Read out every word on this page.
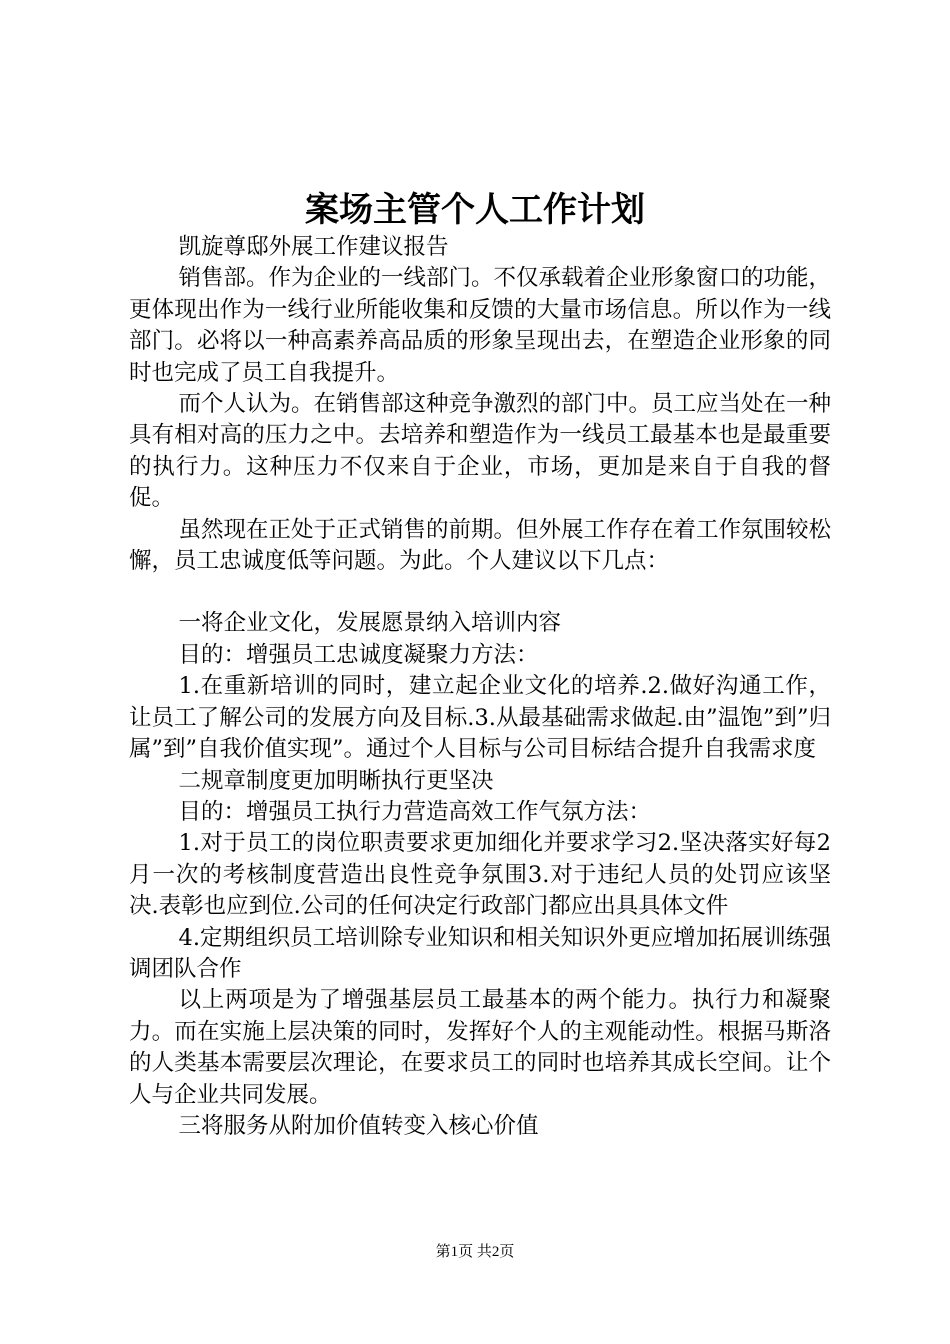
案场主管个人工作计划

凯旋尊邸外展工作建议报告

销售部。作为企业的一线部门。不仅承载着企业形象窗口的功能，更体现出作为一线行业所能收集和反馈的大量市场信息。所以作为一线部门。必将以一种高素养高品质的形象呈现出去，在塑造企业形象的同时也完成了员工自我提升。

而个人认为。在销售部这种竞争激烈的部门中。员工应当处在一种具有相对高的压力之中。去培养和塑造作为一线员工最基本也是最重要的执行力。这种压力不仅来自于企业，市场，更加是来自于自我的督促。

虽然现在正处于正式销售的前期。但外展工作存在着工作氛围较松懈，员工忠诚度低等问题。为此。个人建议以下几点：

一将企业文化，发展愿景纳入培训内容

目的：增强员工忠诚度凝聚力方法：

1.在重新培训的同时，建立起企业文化的培养.2.做好沟通工作，让员工了解公司的发展方向及目标.3.从最基础需求做起.由”温饱”到”归属”到”自我价值实现”。通过个人目标与公司目标结合提升自我需求度

二规章制度更加明晰执行更坚决

目的：增强员工执行力营造高效工作气氛方法：

1.对于员工的岗位职责要求更加细化并要求学习2.坚决落实好每2月一次的考核制度营造出良性竞争氛围3.对于违纪人员的处罚应该坚决.表彰也应到位.公司的任何决定行政部门都应出具具体文件

4.定期组织员工培训除专业知识和相关知识外更应增加拓展训练强调团队合作

以上两项是为了增强基层员工最基本的两个能力。执行力和凝聚力。而在实施上层决策的同时，发挥好个人的主观能动性。根据马斯洛的人类基本需要层次理论，在要求员工的同时也培养其成长空间。让个人与企业共同发展。

三将服务从附加价值转变入核心价值

第1页 共2页
